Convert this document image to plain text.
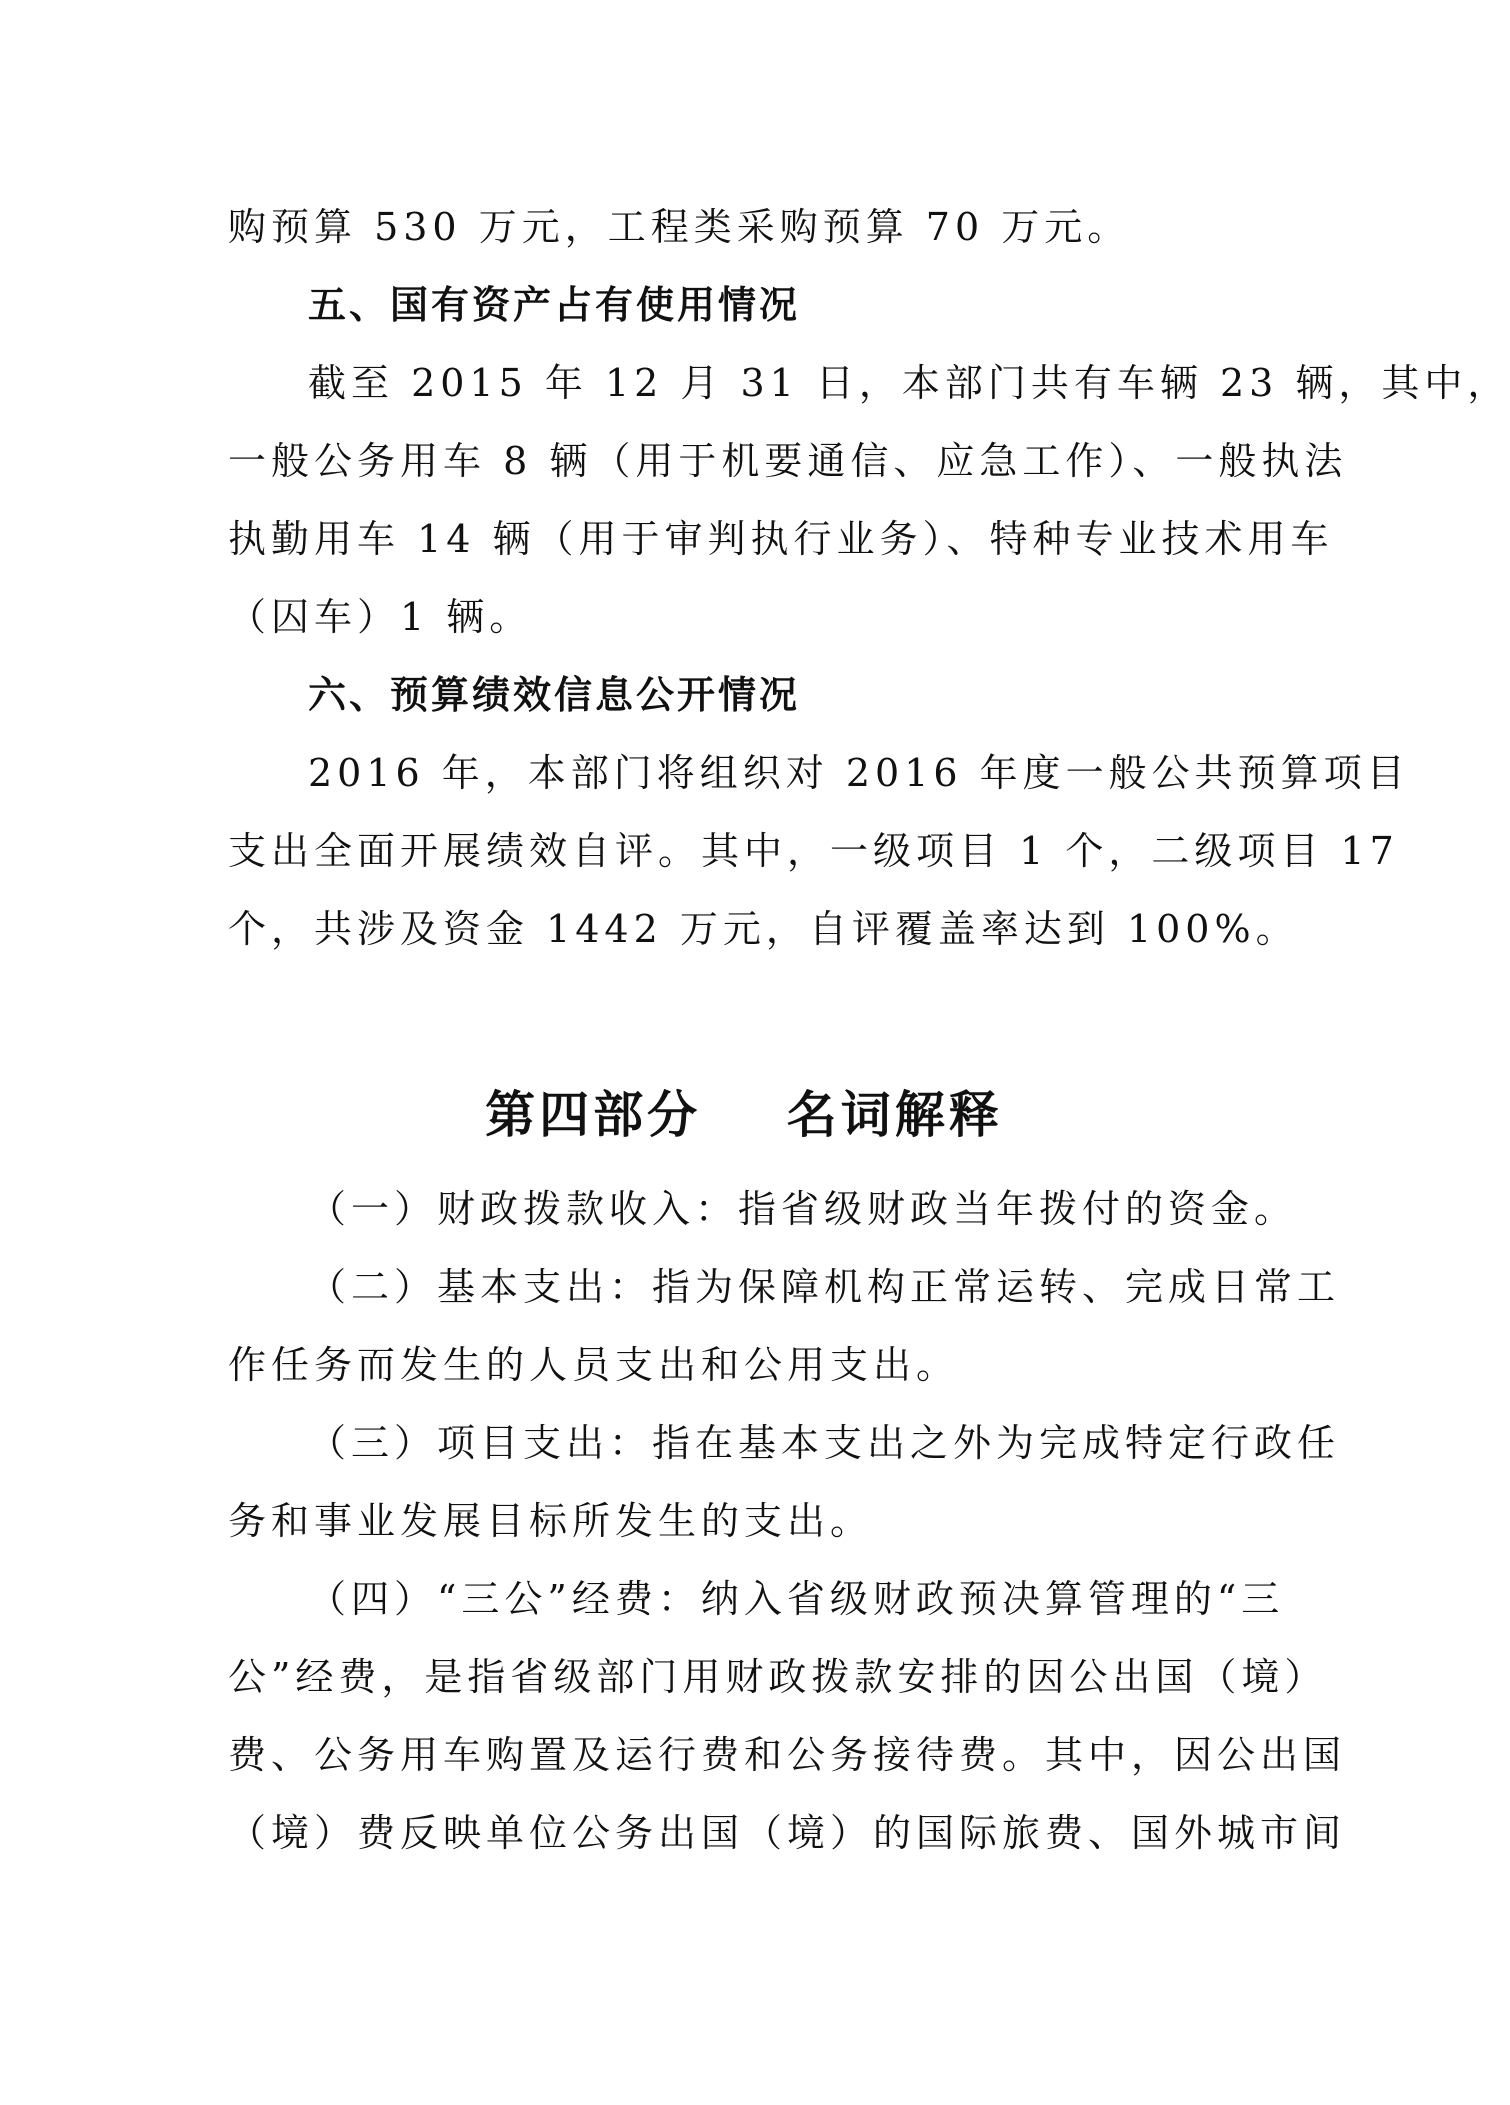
购预算 530 万元，工程类采购预算 70 万元。
五、国有资产占有使用情况
截至 2015 年 12 月 31 日，本部门共有车辆 23 辆，其中，
一般公务用车 8 辆（用于机要通信、应急工作）、一般执法
执勤用车 14 辆（用于审判执行业务）、特种专业技术用车
（囚车）1 辆。
六、预算绩效信息公开情况
2016 年，本部门将组织对 2016 年度一般公共预算项目
支出全面开展绩效自评。其中，一级项目 1 个，二级项目 17
个，共涉及资金 1442 万元，自评覆盖率达到 100%。
第四部分    名词解释
（一）财政拨款收入：指省级财政当年拨付的资金。
（二）基本支出：指为保障机构正常运转、完成日常工
作任务而发生的人员支出和公用支出。
（三）项目支出：指在基本支出之外为完成特定行政任
务和事业发展目标所发生的支出。
（四）“三公”经费：纳入省级财政预决算管理的“三
公”经费，是指省级部门用财政拨款安排的因公出国（境）
费、公务用车购置及运行费和公务接待费。其中，因公出国
（境）费反映单位公务出国（境）的国际旅费、国外城市间
